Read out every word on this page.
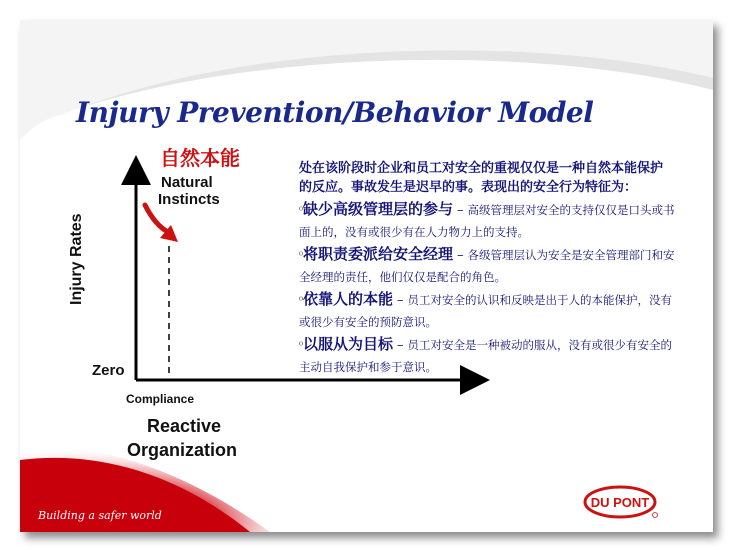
Injury Prevention/Behavior Model
自然本能
Natural
Instincts
Injury Rates
Zero
Compliance
Reactive
Organization

处在该阶段时企业和员工对安全的重视仅仅是一种自然本能保护的反应。事故发生是迟早的事。表现出的安全行为特征为：

⁰缺少高级管理层的参与 – 高级管理层对安全的支持仅仅是口头或书面上的，没有或很少有在人力物力上的支持。
⁰将职责委派给安全经理 – 各级管理层认为安全是安全管理部门和安全经理的责任，他们仅仅是配合的角色。
⁰依靠人的本能 – 员工对安全的认识和反映是出于人的本能保护，没有或很少有安全的预防意识。
⁰以服从为目标 – 员工对安全是一种被动的服从，没有或很少有安全的主动自我保护和参于意识。
Building a safer world
DU PONT
